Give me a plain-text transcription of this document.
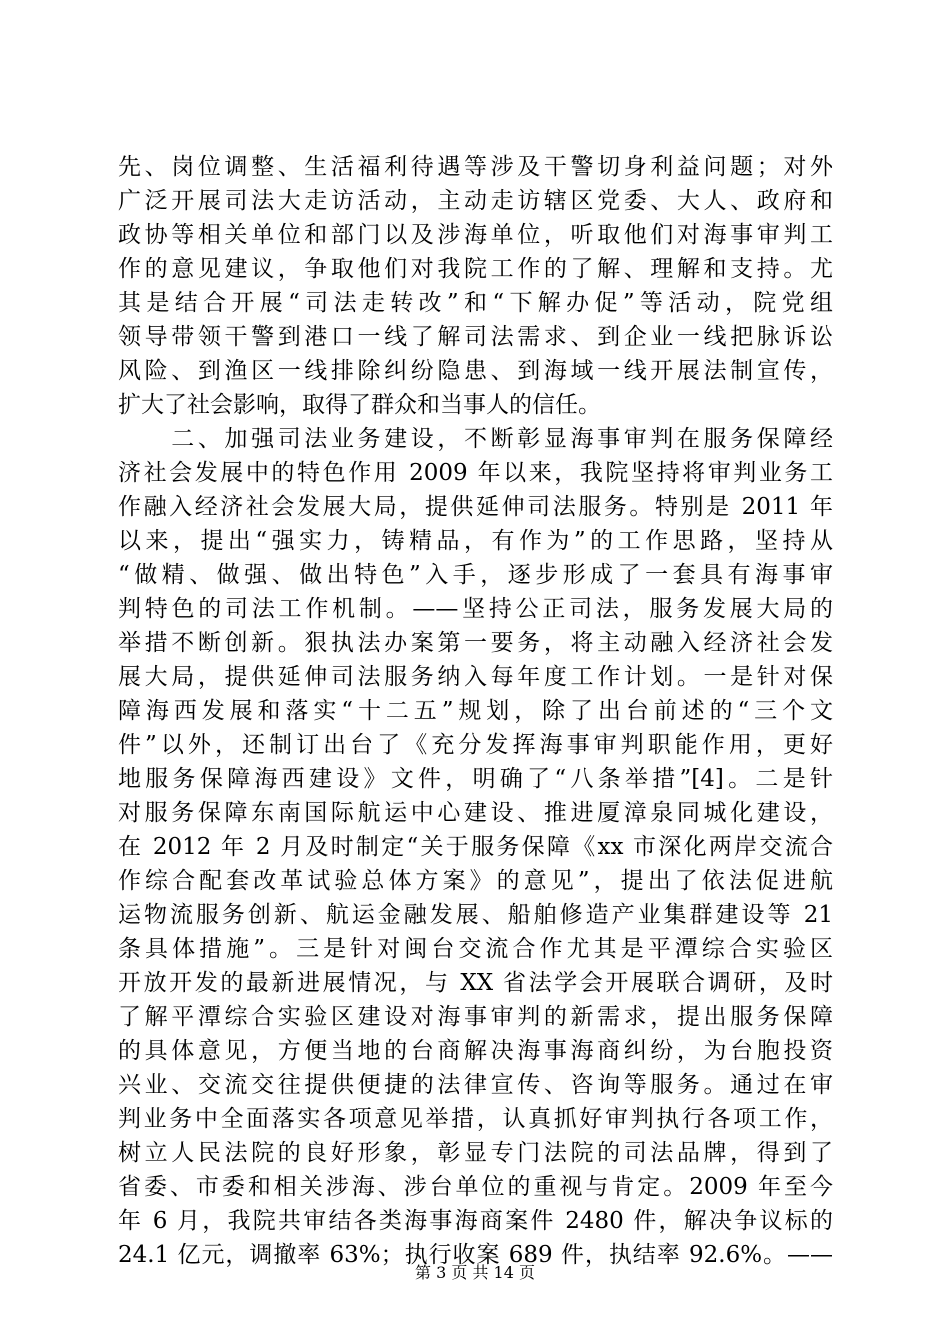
先、岗位调整、生活福利待遇等涉及干警切身利益问题；对外
广泛开展司法大走访活动，主动走访辖区党委、大人、政府和
政协等相关单位和部门以及涉海单位，听取他们对海事审判工
作的意见建议，争取他们对我院工作的了解、理解和支持。尤
其是结合开展“司法走转改”和“下解办促”等活动，院党组
领导带领干警到港口一线了解司法需求、到企业一线把脉诉讼
风险、到渔区一线排除纠纷隐患、到海域一线开展法制宣传，
扩大了社会影响，取得了群众和当事人的信任。
　　二、加强司法业务建设，不断彰显海事审判在服务保障经
济社会发展中的特色作用 2009 年以来，我院坚持将审判业务工
作融入经济社会发展大局，提供延伸司法服务。特别是 2011 年
以来，提出“强实力，铸精品，有作为”的工作思路，坚持从
“做精、做强、做出特色”入手，逐步形成了一套具有海事审
判特色的司法工作机制。——坚持公正司法，服务发展大局的
举措不断创新。狠执法办案第一要务，将主动融入经济社会发
展大局，提供延伸司法服务纳入每年度工作计划。一是针对保
障海西发展和落实“十二五”规划，除了出台前述的“三个文
件”以外，还制订出台了《充分发挥海事审判职能作用，更好
地服务保障海西建设》文件，明确了“八条举措”[4]。二是针
对服务保障东南国际航运中心建设、推进厦漳泉同城化建设，
在 2012 年 2 月及时制定“关于服务保障《xx 市深化两岸交流合
作综合配套改革试验总体方案》的意见”，提出了依法促进航
运物流服务创新、航运金融发展、船舶修造产业集群建设等 21
条具体措施”。三是针对闽台交流合作尤其是平潭综合实验区
开放开发的最新进展情况，与 XX 省法学会开展联合调研，及时
了解平潭综合实验区建设对海事审判的新需求，提出服务保障
的具体意见，方便当地的台商解决海事海商纠纷，为台胞投资
兴业、交流交往提供便捷的法律宣传、咨询等服务。通过在审
判业务中全面落实各项意见举措，认真抓好审判执行各项工作，
树立人民法院的良好形象，彰显专门法院的司法品牌，得到了
省委、市委和相关涉海、涉台单位的重视与肯定。2009 年至今
年 6 月，我院共审结各类海事海商案件 2480 件，解决争议标的
24.1 亿元，调撤率 63%；执行收案 689 件，执结率 92.6%。——
第 3 页 共 14 页
